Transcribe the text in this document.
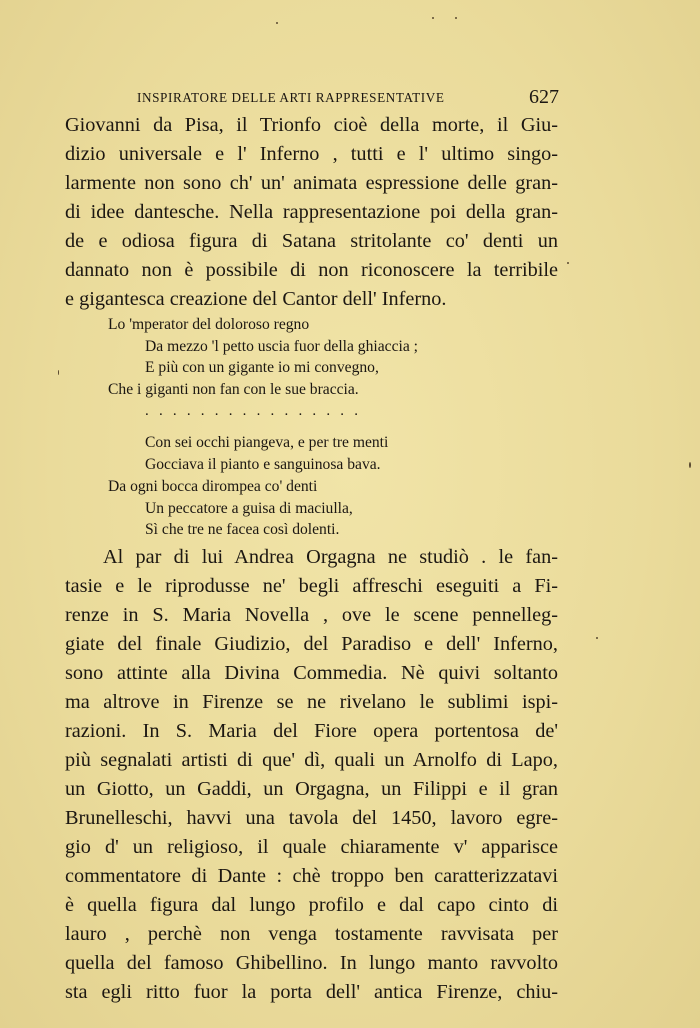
INSPIRATORE DELLE ARTI RAPPRESENTATIVE	627
Giovanni da Pisa, il Trionfo cioè della morte, il Giu-
dizio universale e l' Inferno , tutti e l' ultimo singo-
larmente non sono ch' un' animata espressione delle gran-
di idee dantesche. Nella rappresentazione poi della gran-
de e odiosa figura di Satana stritolante co' denti un
dannato non è possibile di non riconoscere la terribile
e gigantesca creazione del Cantor dell' Inferno.
Lo 'mperator del doloroso regno
Da mezzo 'l petto uscia fuor della ghiaccia ;
E più con un gigante io mi convegno,
Che i giganti non fan con le sue braccia.
................
Con sei occhi piangeva, e per tre menti
Gocciava il pianto e sanguinosa bava.
Da ogni bocca dirompea co' denti
Un peccatore a guisa di maciulla,
Sì che tre ne facea così dolenti.
Al par di lui Andrea Orgagna ne studiò . le fan-
tasie e le riprodusse ne' begli affreschi eseguiti a Fi-
renze in S. Maria Novella , ove le scene pennelleg-
giate del finale Giudizio, del Paradiso e dell' Inferno,
sono attinte alla Divina Commedia. Nè quivi soltanto
ma altrove in Firenze se ne rivelano le sublimi ispi-
razioni. In S. Maria del Fiore opera portentosa de'
più segnalati artisti di que' dì, quali un Arnolfo di Lapo,
un Giotto, un Gaddi, un Orgagna, un Filippi e il gran
Brunelleschi, havvi una tavola del 1450, lavoro egre-
gio d' un religioso, il quale chiaramente v' apparisce
commentatore di Dante : chè troppo ben caratterizzatavi
è quella figura dal lungo profilo e dal capo cinto di
lauro , perchè non venga tostamente ravvisata per
quella del famoso Ghibellino. In lungo manto ravvolto
sta egli ritto fuor la porta dell' antica Firenze, chiu-
